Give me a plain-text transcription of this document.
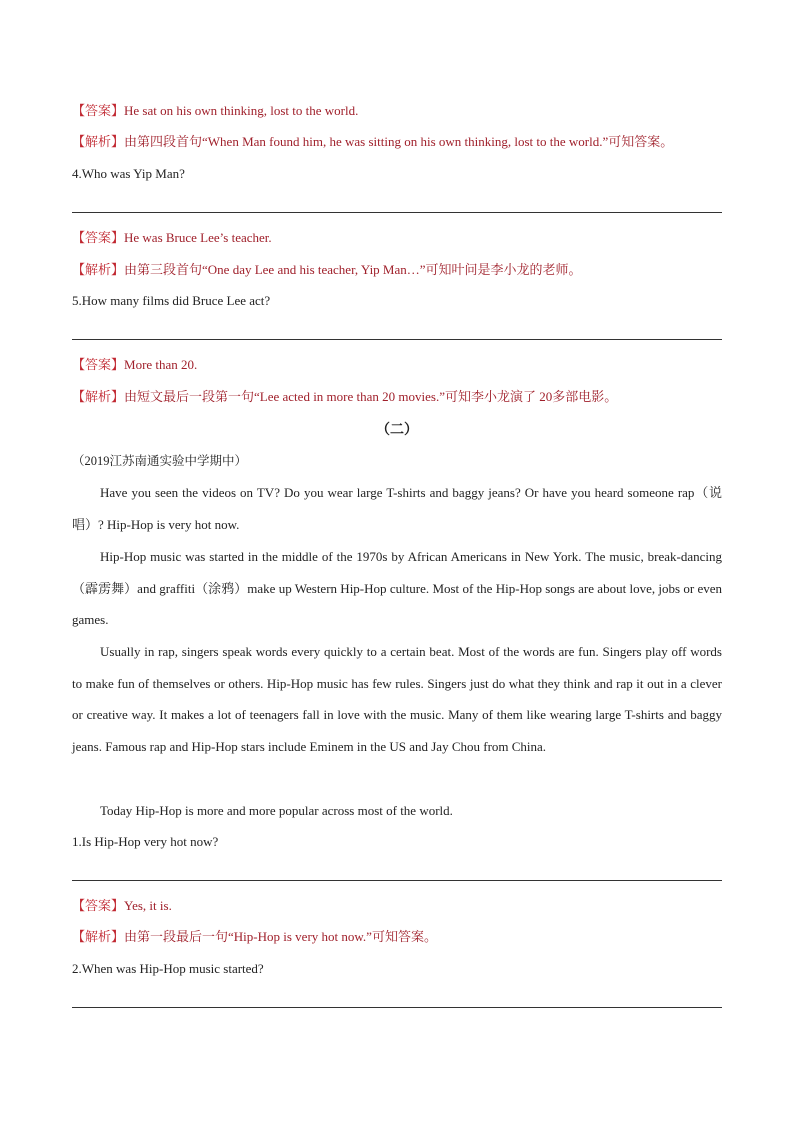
【答案】He sat on his own thinking, lost to the world.
【解析】由第四段首句“When Man found him, he was sitting on his own thinking, lost to the world.”可知答案。
4.Who was Yip Man?
【答案】He was Bruce Lee’s teacher.
【解析】由第三段首句“One day Lee and his teacher, Yip Man…”可知叶问是李小龙的老师。
5.How many films did Bruce Lee act?
【答案】More than 20.
【解析】由短文最后一段第一句“Lee acted in more than 20 movies.”可知李小龙演了 20多部电影。
（二）
（2019江苏南通实验中学期中）
Have you seen the videos on TV? Do you wear large T-shirts and baggy jeans? Or have you heard someone rap（说唱）? Hip-Hop is very hot now.
Hip-Hop music was started in the middle of the 1970s by African Americans in New York. The music, break-dancing（霹雳舞）and graffiti（涂鸦）make up Western Hip-Hop culture. Most of the Hip-Hop songs are about love, jobs or even games.
Usually in rap, singers speak words every quickly to a certain beat. Most of the words are fun. Singers play off words to make fun of themselves or others. Hip-Hop music has few rules. Singers just do what they think and rap it out in a clever or creative way. It makes a lot of teenagers fall in love with the music. Many of them like wearing large T-shirts and baggy jeans. Famous rap and Hip-Hop stars include Eminem in the US and Jay Chou from China.
Today Hip-Hop is more and more popular across most of the world.
1.Is Hip-Hop very hot now?
【答案】Yes, it is.
【解析】由第一段最后一句“Hip-Hop is very hot now.”可知答案。
2.When was Hip-Hop music started?
